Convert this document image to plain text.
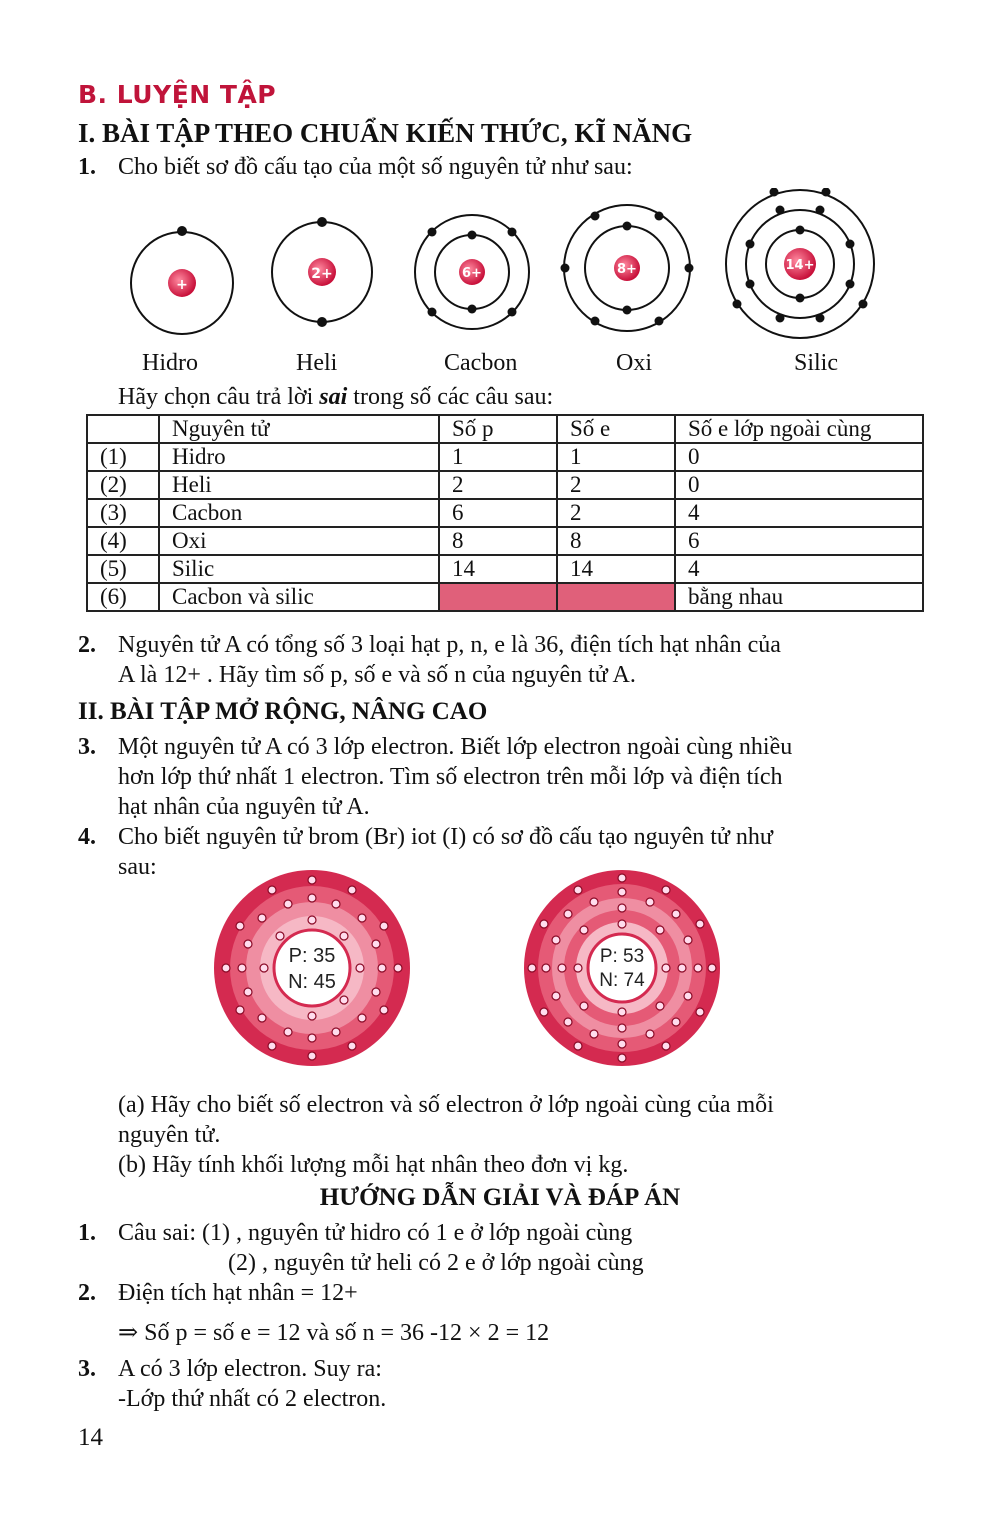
B. LUYỆN TẬP
I. BÀI TẬP THEO CHUẨN KIẾN THỨC, KĨ NĂNG
1. Cho biết sơ đồ cấu tạo của một số nguyên tử như sau:
+
2+	6+	8+	14+
Hidro	Heli	Cacbon	Oxi	Silic
Hãy chọn câu trả lời sai trong số các câu sau:
	Nguyên tử	Số p	Số e	Số e lớp ngoài cùng
(1)	Hidro	1	1	0
(2)	Heli	2	2	0
(3)	Cacbon	6	2	4
(4)	Oxi	8	8	6
(5)	Silic	14	14	4
(6)	Cacbon và silic			bằng nhau
2. Nguyên tử A có tổng số 3 loại hạt p, n, e là 36, điện tích hạt nhân của
A là 12+ . Hãy tìm số p, số e và số n của nguyên tử A.
II. BÀI TẬP MỞ RỘNG, NÂNG CAO
3. Một nguyên tử A có 3 lớp electron. Biết lớp electron ngoài cùng nhiều
hơn lớp thứ nhất 1 electron. Tìm số electron trên mỗi lớp và điện tích
hạt nhân của nguyên tử A.
4. Cho biết nguyên tử brom (Br) iot (I) có sơ đồ cấu tạo nguyên tử như
sau:
P: 35
N: 45
P: 53
N: 74
(a) Hãy cho biết số electron và số electron ở lớp ngoài cùng của mỗi
nguyên tử.
(b) Hãy tính khối lượng mỗi hạt nhân theo đơn vị kg.
HƯỚNG DẪN GIẢI VÀ ĐÁP ÁN
1. Câu sai: (1) , nguyên tử hidro có 1 e ở lớp ngoài cùng
(2) , nguyên tử heli có 2 e ở lớp ngoài cùng
2. Điện tích hạt nhân = 12+
⇒ Số p = số e = 12 và số n = 36 -12 × 2 = 12
3. A có 3 lớp electron. Suy ra:
-Lớp thứ nhất có 2 electron.
14
